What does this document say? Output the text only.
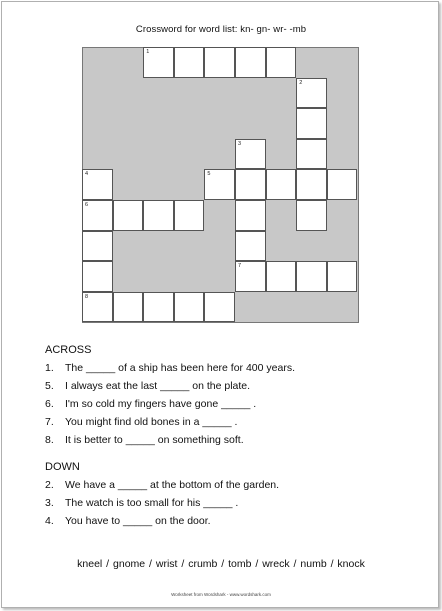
Crossword for word list: kn- gn- wr- -mb
1
2
3
4	5
6
7
8
ACROSS
1. The _____ of a ship has been here for 400 years.
5. I always eat the last _____ on the plate.
6. I'm so cold my fingers have gone _____ .
7. You might find old bones in a _____ .
8. It is better to _____ on something soft.
DOWN
2. We have a _____ at the bottom of the garden.
3. The watch is too small for his _____ .
4. You have to _____ on the door.
kneel / gnome / wrist / crumb / tomb / wreck / numb / knock
Worksheet from Wordshark - www.wordshark.com
